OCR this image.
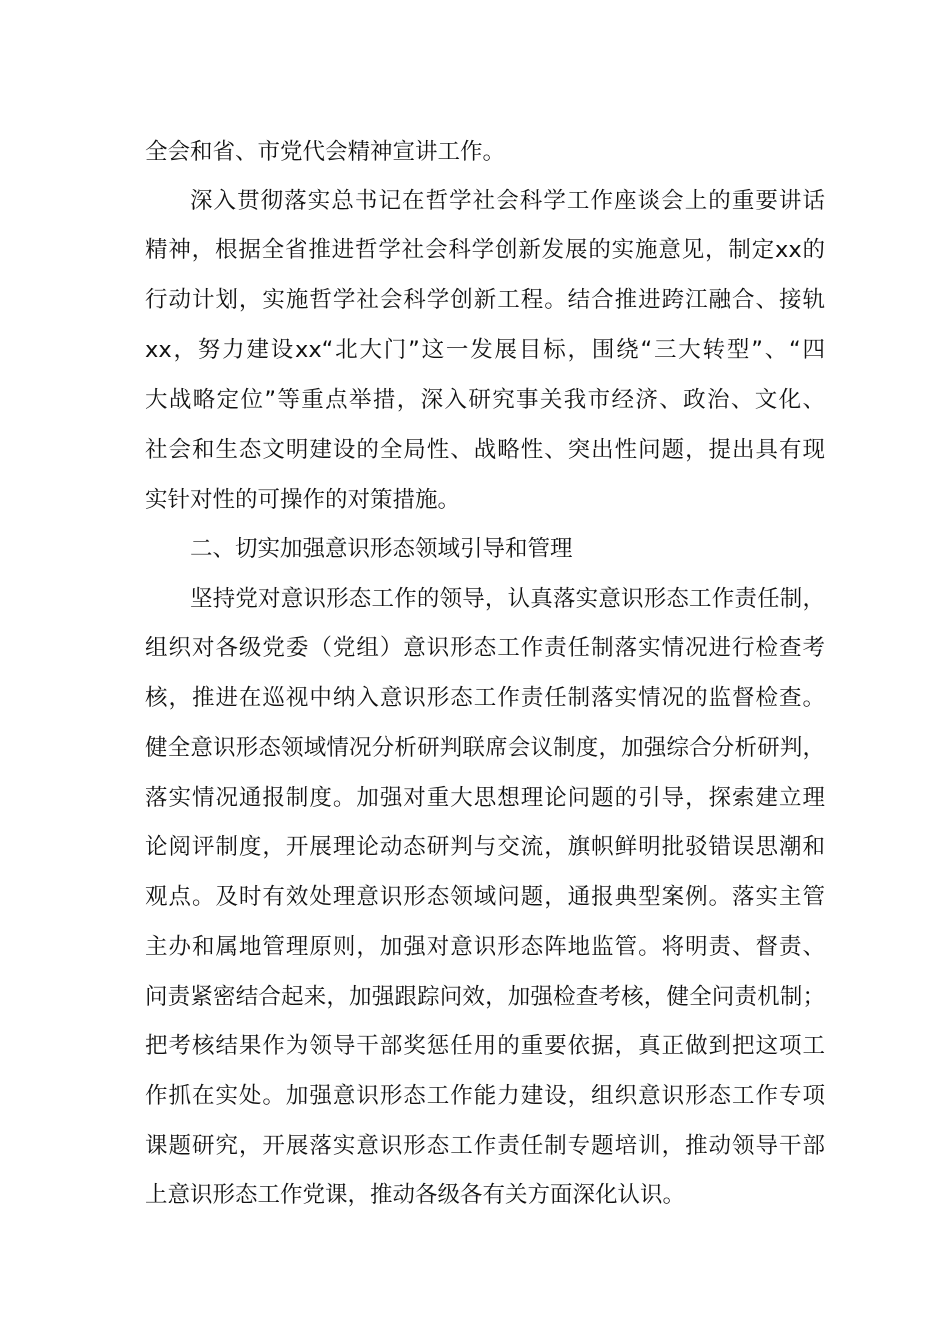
全会和省、市党代会精神宣讲工作。
深入贯彻落实总书记在哲学社会科学工作座谈会上的重要讲话
精神，根据全省推进哲学社会科学创新发展的实施意见，制定xx的
行动计划，实施哲学社会科学创新工程。结合推进跨江融合、接轨
xx，努力建设xx“北大门”这一发展目标，围绕“三大转型”、“四
大战略定位”等重点举措，深入研究事关我市经济、政治、文化、
社会和生态文明建设的全局性、战略性、突出性问题，提出具有现
实针对性的可操作的对策措施。
二、切实加强意识形态领域引导和管理
坚持党对意识形态工作的领导，认真落实意识形态工作责任制，
组织对各级党委（党组）意识形态工作责任制落实情况进行检查考
核，推进在巡视中纳入意识形态工作责任制落实情况的监督检查。
健全意识形态领域情况分析研判联席会议制度，加强综合分析研判，
落实情况通报制度。加强对重大思想理论问题的引导，探索建立理
论阅评制度，开展理论动态研判与交流，旗帜鲜明批驳错误思潮和
观点。及时有效处理意识形态领域问题，通报典型案例。落实主管
主办和属地管理原则，加强对意识形态阵地监管。将明责、督责、
问责紧密结合起来，加强跟踪问效，加强检查考核，健全问责机制；
把考核结果作为领导干部奖惩任用的重要依据，真正做到把这项工
作抓在实处。加强意识形态工作能力建设，组织意识形态工作专项
课题研究，开展落实意识形态工作责任制专题培训，推动领导干部
上意识形态工作党课，推动各级各有关方面深化认识。
